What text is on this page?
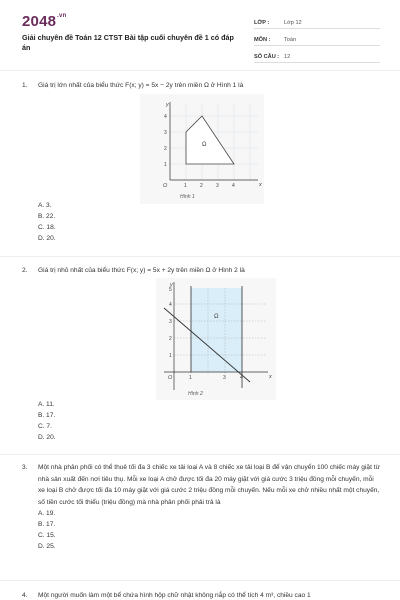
$2048^{.vn}$
Giải chuyên đề Toán 12 CTST Bài tập cuối chuyên đề 1 có đáp án
LỚP :	Lớp 12
MÔN :	Toán
SỐ CÂU : 12
1. Giá trị lớn nhất của biểu thức F(x; y) = 5x − 2y trên miền Ω ở Hình 1 là
Ω
x
y
O	1	2	3	4
1
2
3
4
Hình 1
A. 3.
B. 22.
C. 18.
D. 20.
2. Giá trị nhỏ nhất của biểu thức F(x; y) = 5x + 2y trên miền Ω ở Hình 2 là
Ω
x
y
O	1	3	4
1
2
3
4
5
Hình 2
A. 11.
B. 17.
C. 7.
D. 20.
3. Một nhà phân phối có thể thuê tối đa 3 chiếc xe tải loại A và 8 chiếc xe tải loại B để vận chuyển 100 chiếc máy giặt từ nhà sản xuất đến nơi tiêu thụ. Mỗi xe loại A chở được tối đa 20 máy giặt với giá cước 3 triệu đồng mỗi chuyến, mỗi xe loại B chở được tối đa 10 máy giặt với giá cước 2 triệu đồng mỗi chuyến. Nếu mỗi xe chở nhiều nhất một chuyến, số tiền cước tối thiểu (triệu đồng) mà nhà phân phối phải trả là
A. 19.
B. 17.
C. 15.
D. 25.
4. Một người muốn làm một bể chứa hình hộp chữ nhật không nắp có thể tích 4 m³, chiều cao 1
